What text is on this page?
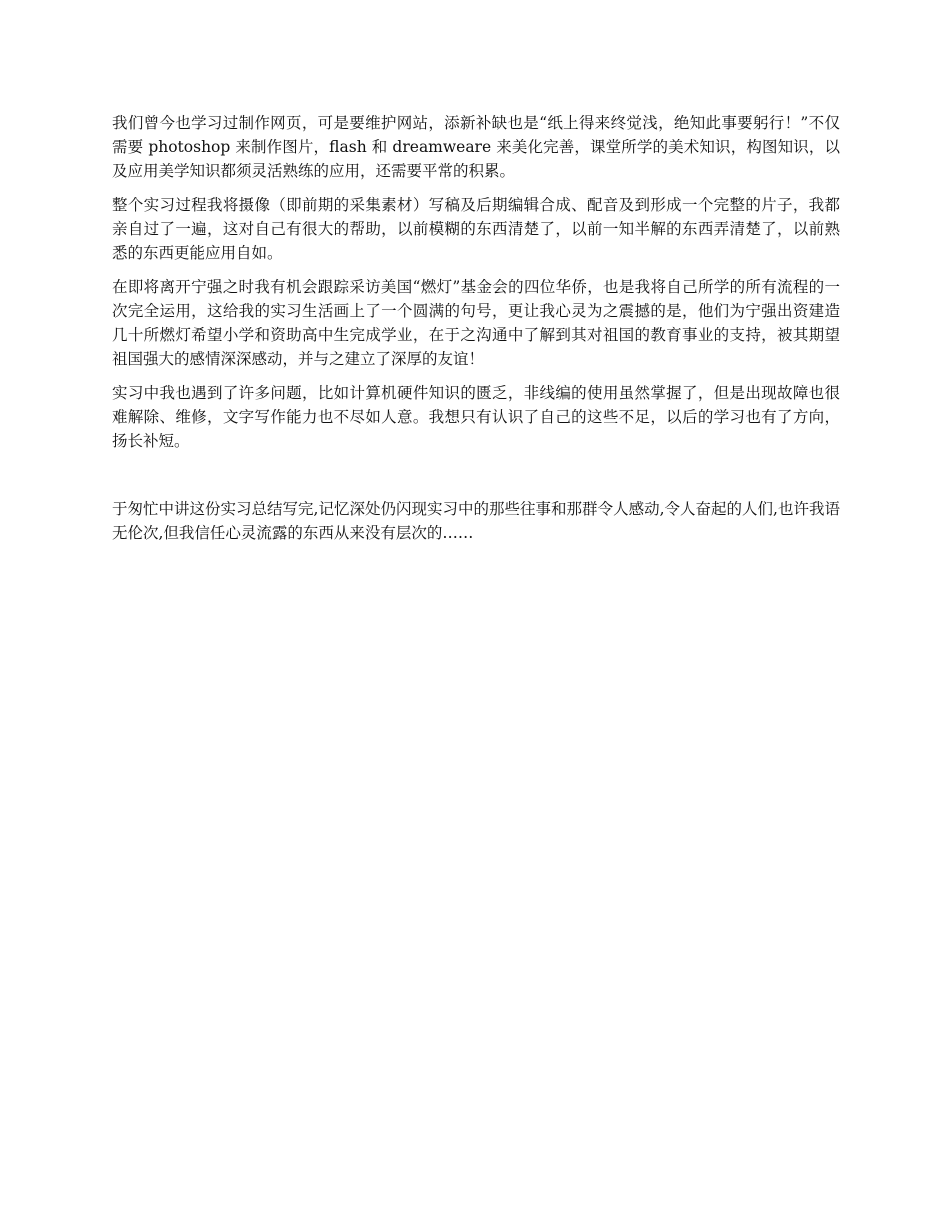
我们曾今也学习过制作网页，可是要维护网站，添新补缺也是“纸上得来终觉浅，绝知此事要躬行！”不仅需要 photoshop 来制作图片，flash 和 dreamweare 来美化完善，课堂所学的美术知识，构图知识，以及应用美学知识都须灵活熟练的应用，还需要平常的积累。

整个实习过程我将摄像（即前期的采集素材）写稿及后期编辑合成、配音及到形成一个完整的片子，我都亲自过了一遍，这对自己有很大的帮助，以前模糊的东西清楚了，以前一知半解的东西弄清楚了，以前熟悉的东西更能应用自如。

在即将离开宁强之时我有机会跟踪采访美国“燃灯”基金会的四位华侨，也是我将自己所学的所有流程的一次完全运用，这给我的实习生活画上了一个圆满的句号，更让我心灵为之震撼的是，他们为宁强出资建造几十所燃灯希望小学和资助高中生完成学业，在于之沟通中了解到其对祖国的教育事业的支持，被其期望祖国强大的感情深深感动，并与之建立了深厚的友谊！

实习中我也遇到了许多问题，比如计算机硬件知识的匮乏，非线编的使用虽然掌握了，但是出现故障也很难解除、维修，文字写作能力也不尽如人意。我想只有认识了自己的这些不足，以后的学习也有了方向，扬长补短。

于匆忙中讲这份实习总结写完,记忆深处仍闪现实习中的那些往事和那群令人感动,令人奋起的人们,也许我语无伦次,但我信任心灵流露的东西从来没有层次的……
